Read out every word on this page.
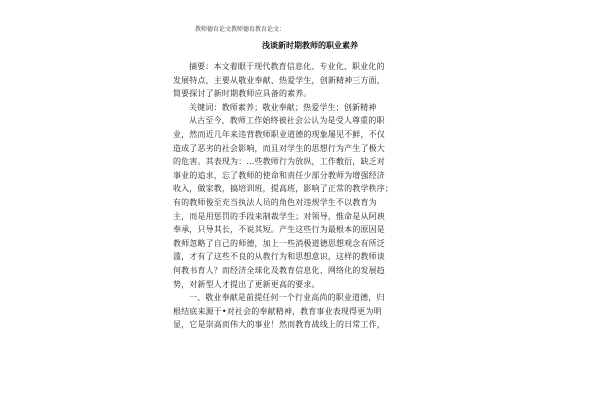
教师德育论文教师德育教育论文：
浅谈新时期教师的职业素养
摘要：本文着眼于现代教育信息化、专业化、职业化的
发展特点，主要从敬业奉献、热爱学生，创新精神三方面，
简要探讨了新时期教师应具备的素养。
关键词：教师素养；敬业奉献；热爱学生；创新精神
从古至今，教师工作始终被社会公认为是受人尊重的职
业，然而近几年来违背教师职业道德的现象屡见不鲜，不仅
造成了恶劣的社会影响，而且对学生的思想行为产生了极大
的危害。其表现为：…些教师行为放纵，工作敷衍，缺乏对
事业的追求，忘了教师的使命和责任少部分教师为增强经济
收入，做家教，搞培训班，提高班，影响了正常的教学秩序；
有的教师俊至充当执法人员的角色对违规学生不以教育为
主，而是用惩罚的手段来制裁学生；对领导，惟命是从阿谀
奉承，只导其长，不说其短。产生这些行为最根本的原因是
教师忽略了自己的师德，加上一些消极道德思想观念有所泛
滥，才有了这些不良的从教行为和思想意识，这样的教师谈
何教书育人？而经济全球化及教育信息化、网络化的发展趋
势，对新型人才提出了更新更高的要求。
一、敬业奉献是前提任何一个行业高尚的职业道德，归
根结底来源于•对社会的奉献精神，教育事业表现得更为明
显，它是崇高而伟大的事业！然而教育战线上的日常工作，
